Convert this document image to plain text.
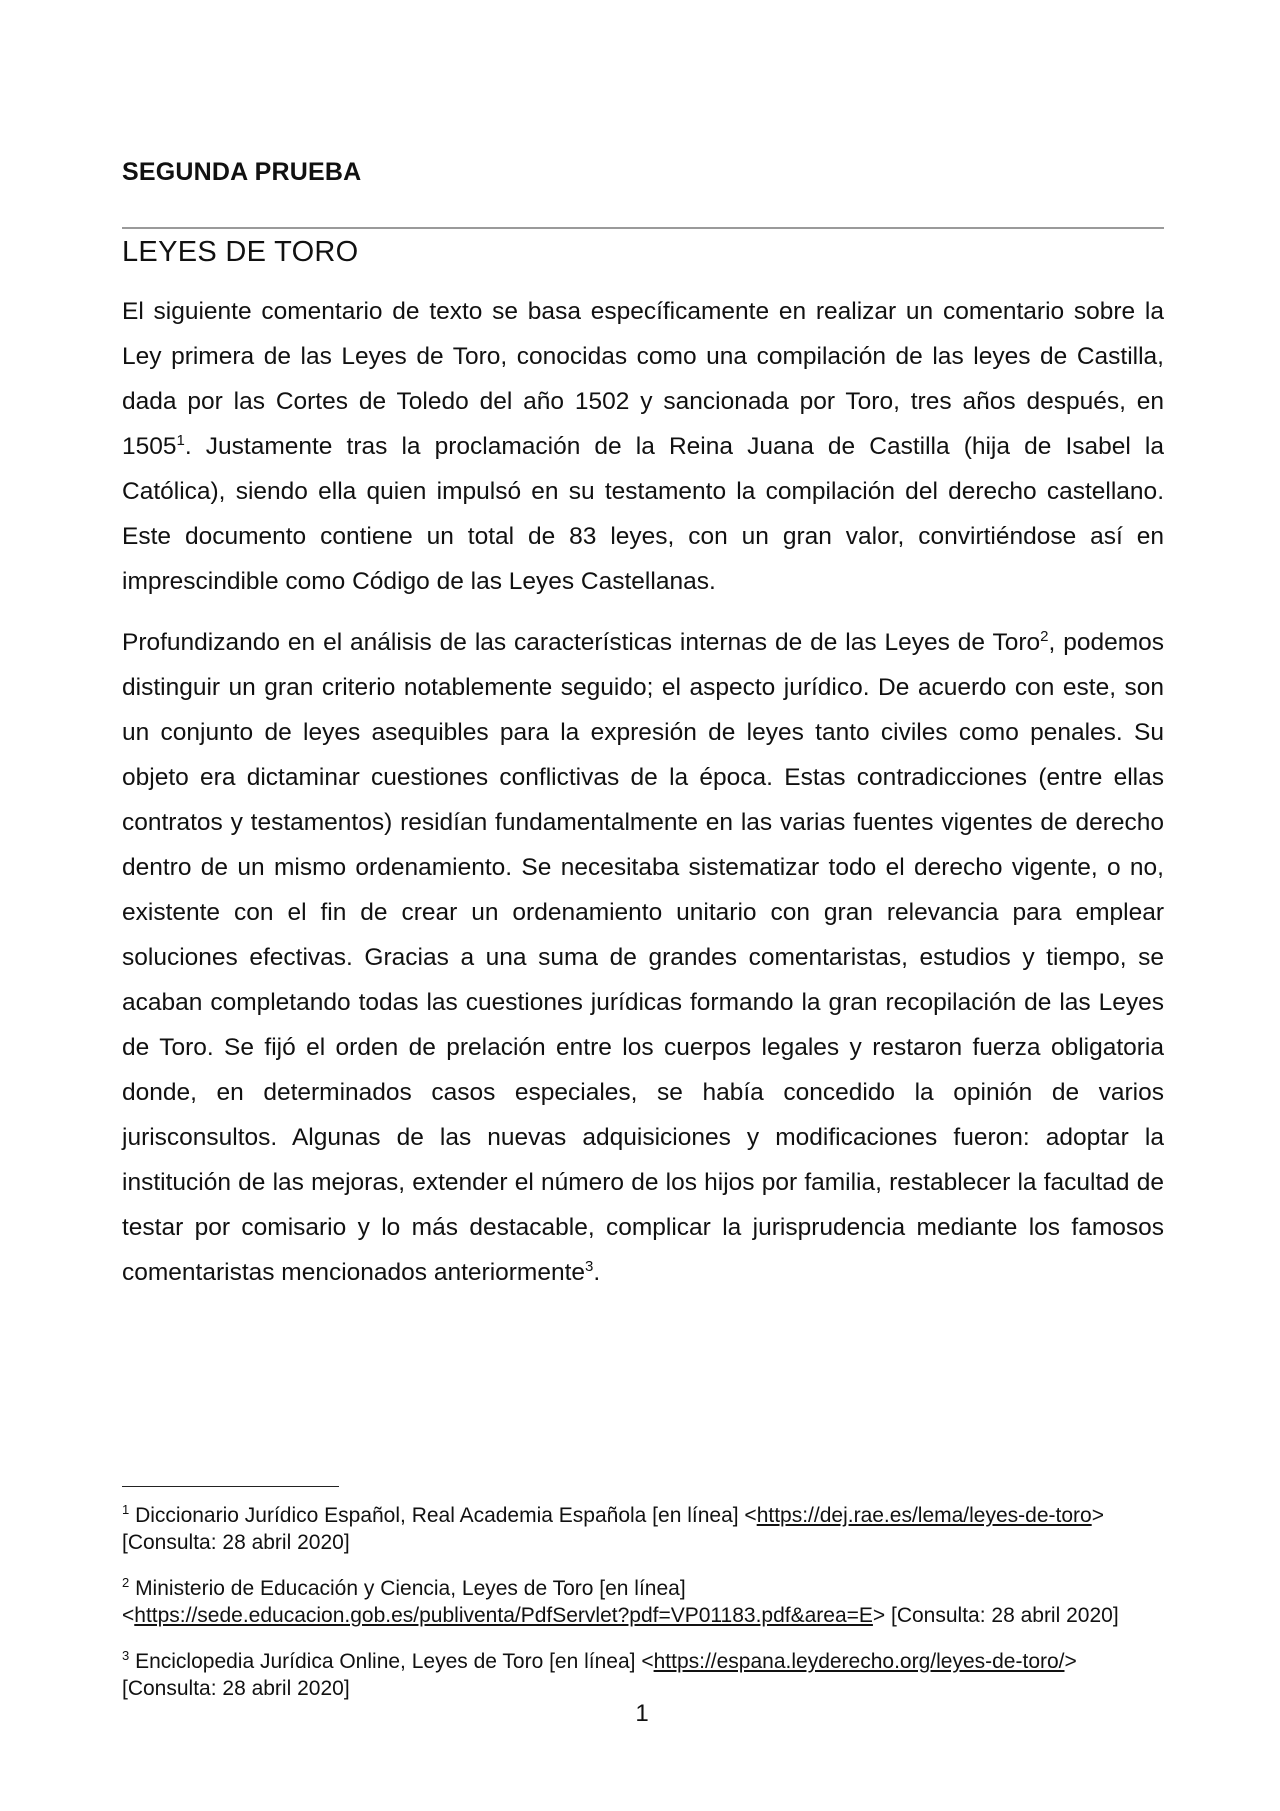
SEGUNDA PRUEBA
LEYES DE TORO

El siguiente comentario de texto se basa específicamente en realizar un comentario sobre la Ley primera de las Leyes de Toro, conocidas como una compilación de las leyes de Castilla, dada por las Cortes de Toledo del año 1502 y sancionada por Toro, tres años después, en 1505$^1$. Justamente tras la proclamación de la Reina Juana de Castilla (hija de Isabel la Católica), siendo ella quien impulsó en su testamento la compilación del derecho castellano. Este documento contiene un total de 83 leyes, con un gran valor, convirtiéndose así en imprescindible como Código de las Leyes Castellanas.

Profundizando en el análisis de las características internas de de las Leyes de Toro$^2$, podemos distinguir un gran criterio notablemente seguido; el aspecto jurídico. De acuerdo con este, son un conjunto de leyes asequibles para la expresión de leyes tanto civiles como penales. Su objeto era dictaminar cuestiones conflictivas de la época. Estas contradicciones (entre ellas contratos y testamentos) residían fundamentalmente en las varias fuentes vigentes de derecho dentro de un mismo ordenamiento. Se necesitaba sistematizar todo el derecho vigente, o no, existente con el fin de crear un ordenamiento unitario con gran relevancia para emplear soluciones efectivas. Gracias a una suma de grandes comentaristas, estudios y tiempo, se acaban completando todas las cuestiones jurídicas formando la gran recopilación de las Leyes de Toro. Se fijó el orden de prelación entre los cuerpos legales y restaron fuerza obligatoria donde, en determinados casos especiales, se había concedido la opinión de varios jurisconsultos. Algunas de las nuevas adquisiciones y modificaciones fueron: adoptar la institución de las mejoras, extender el número de los hijos por familia, restablecer la facultad de testar por comisario y lo más destacable, complicar la jurisprudencia mediante los famosos comentaristas mencionados anteriormente$^3$.

$^1$ Diccionario Jurídico Español, Real Academia Española [en línea] <https://dej.rae.es/lema/leyes-de-toro> [Consulta: 28 abril 2020]

$^2$ Ministerio de Educación y Ciencia, Leyes de Toro [en línea] <https://sede.educacion.gob.es/publiventa/PdfServlet?pdf=VP01183.pdf&area=E> [Consulta: 28 abril 2020]

$^3$ Enciclopedia Jurídica Online, Leyes de Toro [en línea] <https://espana.leyderecho.org/leyes-de-toro/> [Consulta: 28 abril 2020]

1
